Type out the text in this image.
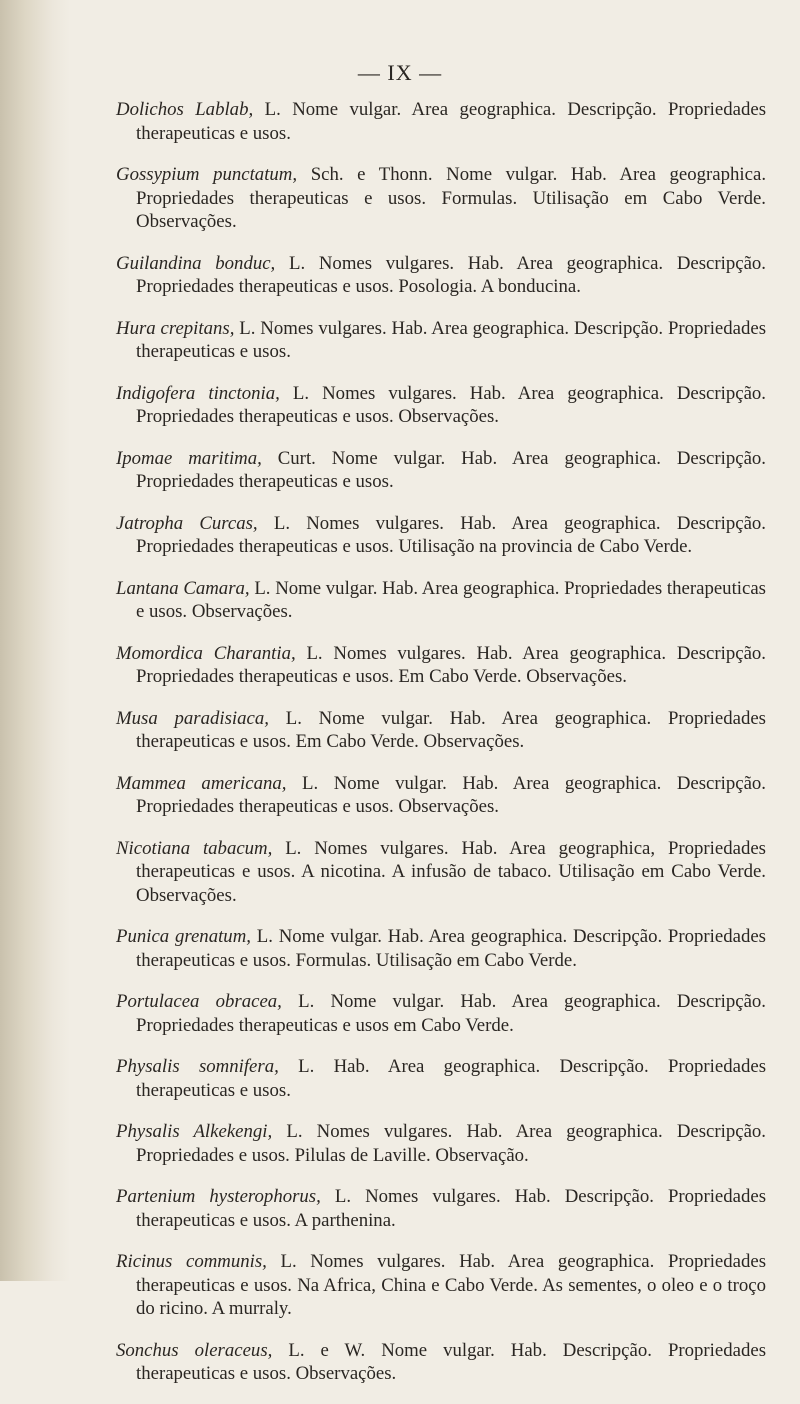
— IX —

Dolichos Lablab, L. Nome vulgar. Area geographica. Descripção. Propriedades therapeuticas e usos.

Gossypium punctatum, Sch. e Thonn. Nome vulgar. Hab. Area geographica. Propriedades therapeuticas e usos. Formulas. Utilisação em Cabo Verde. Observações.

Guilandina bonduc, L. Nomes vulgares. Hab. Area geographica. Descripção. Propriedades therapeuticas e usos. Posologia. A bonducina.

Hura crepitans, L. Nomes vulgares. Hab. Area geographica. Descripção. Propriedades therapeuticas e usos.

Indigofera tinctonia, L. Nomes vulgares. Hab. Area geographica. Descripção. Propriedades therapeuticas e usos. Observações.

Ipomae maritima, Curt. Nome vulgar. Hab. Area geographica. Descripção. Propriedades therapeuticas e usos.

Jatropha Curcas, L. Nomes vulgares. Hab. Area geographica. Descripção. Propriedades therapeuticas e usos. Utilisação na provincia de Cabo Verde.

Lantana Camara, L. Nome vulgar. Hab. Area geographica. Propriedades therapeuticas e usos. Observações.

Momordica Charantia, L. Nomes vulgares. Hab. Area geographica. Descripção. Propriedades therapeuticas e usos. Em Cabo Verde. Observações.

Musa paradisiaca, L. Nome vulgar. Hab. Area geographica. Propriedades therapeuticas e usos. Em Cabo Verde. Observações.

Mammea americana, L. Nome vulgar. Hab. Area geographica. Descripção. Propriedades therapeuticas e usos. Observações.

Nicotiana tabacum, L. Nomes vulgares. Hab. Area geographica, Propriedades therapeuticas e usos. A nicotina. A infusão de tabaco. Utilisação em Cabo Verde. Observações.

Punica grenatum, L. Nome vulgar. Hab. Area geographica. Descripção. Propriedades therapeuticas e usos. Formulas. Utilisação em Cabo Verde.

Portulacea obracea, L. Nome vulgar. Hab. Area geographica. Descripção. Propriedades therapeuticas e usos em Cabo Verde.

Physalis somnifera, L. Hab. Area geographica. Descripção. Propriedades therapeuticas e usos.

Physalis Alkekengi, L. Nomes vulgares. Hab. Area geographica. Descripção. Propriedades e usos. Pilulas de Laville. Observação.

Partenium hysterophorus, L. Nomes vulgares. Hab. Descripção. Propriedades therapeuticas e usos. A parthenina.

Ricinus communis, L. Nomes vulgares. Hab. Area geographica. Propriedades therapeuticas e usos. Na Africa, China e Cabo Verde. As sementes, o oleo e o troço do ricino. A murraly.

Sonchus oleraceus, L. e W. Nome vulgar. Hab. Descripção. Propriedades therapeuticas e usos. Observações.
